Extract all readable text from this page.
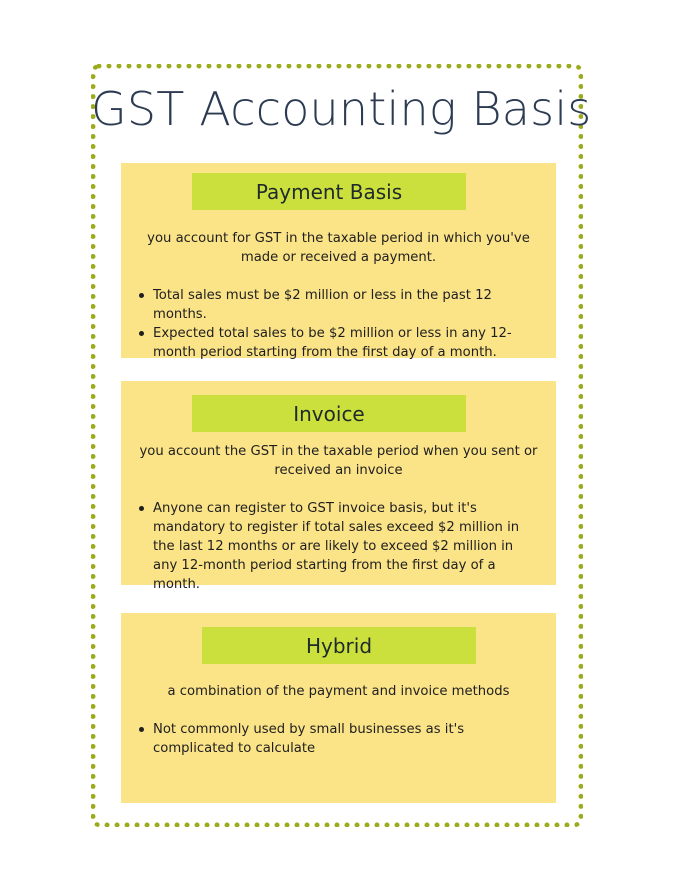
GST Accounting Basis
Payment Basis
you account for GST in the taxable period in which you've made or received a payment.
Total sales must be $2 million or less in the past 12 months.
Expected total sales to be $2 million or less in any 12-month period starting from the first day of a month.
Invoice
you account the GST in the taxable period when you sent or received an invoice
Anyone can register to GST invoice basis, but it's mandatory to register if total sales exceed $2 million in the last 12 months or are likely to exceed $2 million in any 12-month period starting from the first day of a month.
Hybrid
a combination of the payment and invoice methods
Not commonly used by small businesses as it's complicated to calculate
